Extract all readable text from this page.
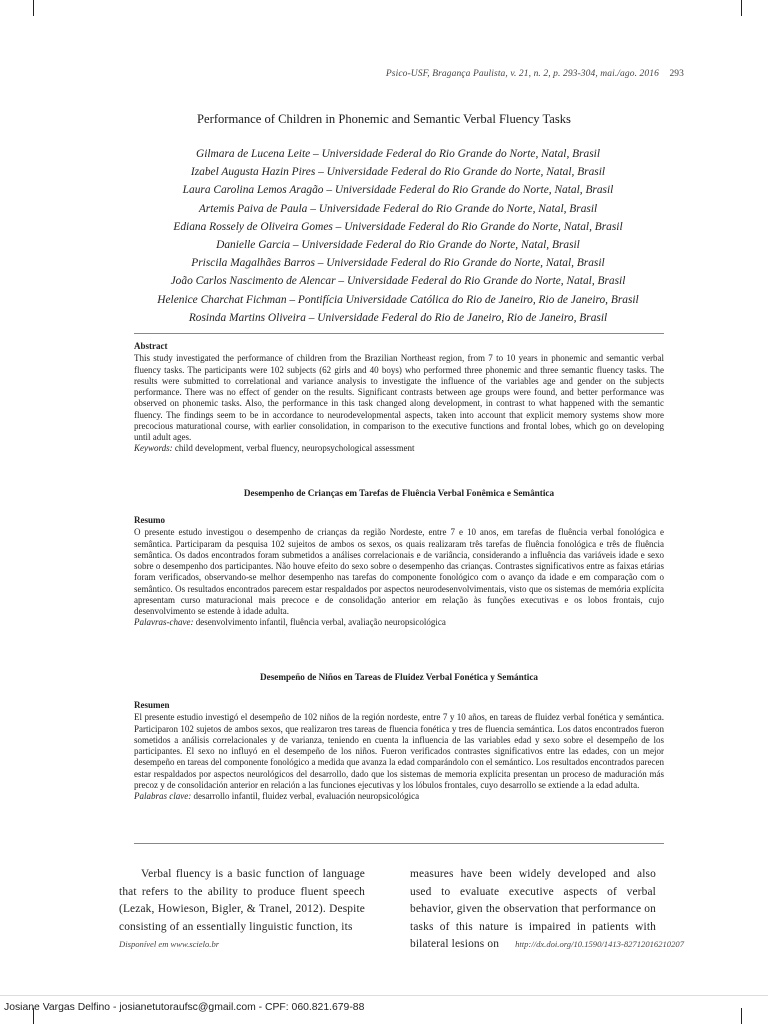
Psico-USF, Bragança Paulista, v. 21, n. 2, p. 293-304, mai./ago. 2016 293
Performance of Children in Phonemic and Semantic Verbal Fluency Tasks
Gilmara de Lucena Leite – Universidade Federal do Rio Grande do Norte, Natal, Brasil
Izabel Augusta Hazin Pires – Universidade Federal do Rio Grande do Norte, Natal, Brasil
Laura Carolina Lemos Aragão – Universidade Federal do Rio Grande do Norte, Natal, Brasil
Artemis Paiva de Paula – Universidade Federal do Rio Grande do Norte, Natal, Brasil
Ediana Rossely de Oliveira Gomes – Universidade Federal do Rio Grande do Norte, Natal, Brasil
Danielle Garcia – Universidade Federal do Rio Grande do Norte, Natal, Brasil
Priscila Magalhães Barros – Universidade Federal do Rio Grande do Norte, Natal, Brasil
João Carlos Nascimento de Alencar – Universidade Federal do Rio Grande do Norte, Natal, Brasil
Helenice Charchat Fichman – Pontifícia Universidade Católica do Rio de Janeiro, Rio de Janeiro, Brasil
Rosinda Martins Oliveira – Universidade Federal do Rio de Janeiro, Rio de Janeiro, Brasil
Abstract
This study investigated the performance of children from the Brazilian Northeast region, from 7 to 10 years in phonemic and semantic verbal fluency tasks. The participants were 102 subjects (62 girls and 40 boys) who performed three phonemic and three semantic fluency tasks. The results were submitted to correlational and variance analysis to investigate the influence of the variables age and gender on the subjects performance. There was no effect of gender on the results. Significant contrasts between age groups were found, and better performance was observed on phonemic tasks. Also, the performance in this task changed along development, in contrast to what happened with the semantic fluency. The findings seem to be in accordance to neurodevelopmental aspects, taken into account that explicit memory systems show more precocious maturational course, with earlier consolidation, in comparison to the executive functions and frontal lobes, which go on developing until adult ages.
Keywords: child development, verbal fluency, neuropsychological assessment
Desempenho de Crianças em Tarefas de Fluência Verbal Fonêmica e Semântica
Resumo
O presente estudo investigou o desempenho de crianças da região Nordeste, entre 7 e 10 anos, em tarefas de fluência verbal fonológica e semântica. Participaram da pesquisa 102 sujeitos de ambos os sexos, os quais realizaram três tarefas de fluência fonológica e três de fluência semântica. Os dados encontrados foram submetidos a análises correlacionais e de variância, considerando a influência das variáveis idade e sexo sobre o desempenho dos participantes. Não houve efeito do sexo sobre o desempenho das crianças. Contrastes significativos entre as faixas etárias foram verificados, observando-se melhor desempenho nas tarefas do componente fonológico com o avanço da idade e em comparação com o semântico. Os resultados encontrados parecem estar respaldados por aspectos neurodesenvolvimentais, visto que os sistemas de memória explícita apresentam curso maturacional mais precoce e de consolidação anterior em relação às funções executivas e os lobos frontais, cujo desenvolvimento se estende à idade adulta.
Palavras-chave: desenvolvimento infantil, fluência verbal, avaliação neuropsicológica
Desempeño de Niños en Tareas de Fluidez Verbal Fonética y Semántica
Resumen
El presente estudio investigó el desempeño de 102 niños de la región nordeste, entre 7 y 10 años, en tareas de fluidez verbal fonética y semántica. Participaron 102 sujetos de ambos sexos, que realizaron tres tareas de fluencia fonética y tres de fluencia semántica. Los datos encontrados fueron sometidos a análisis correlacionales y de varianza, teniendo en cuenta la influencia de las variables edad y sexo sobre el desempeño de los participantes. El sexo no influyó en el desempeño de los niños. Fueron verificados contrastes significativos entre las edades, con un mejor desempeño en tareas del componente fonológico a medida que avanza la edad comparándolo con el semántico. Los resultados encontrados parecen estar respaldados por aspectos neurológicos del desarrollo, dado que los sistemas de memoria explícita presentan un proceso de maduración más precoz y de consolidación anterior en relación a las funciones ejecutivas y los lóbulos frontales, cuyo desarrollo se extiende a la edad adulta.
Palabras clave: desarrollo infantil, fluidez verbal, evaluación neuropsicológica
Verbal fluency is a basic function of language that refers to the ability to produce fluent speech (Lezak, Howieson, Bigler, & Tranel, 2012). Despite consisting of an essentially linguistic function, its
measures have been widely developed and also used to evaluate executive aspects of verbal behavior, given the observation that performance on tasks of this nature is impaired in patients with bilateral lesions on
Disponível em www.scielo.br	http://dx.doi.org/10.1590/1413-82712016210207
Josiane Vargas Delfino - josianetutoraufsc@gmail.com - CPF: 060.821.679-88
